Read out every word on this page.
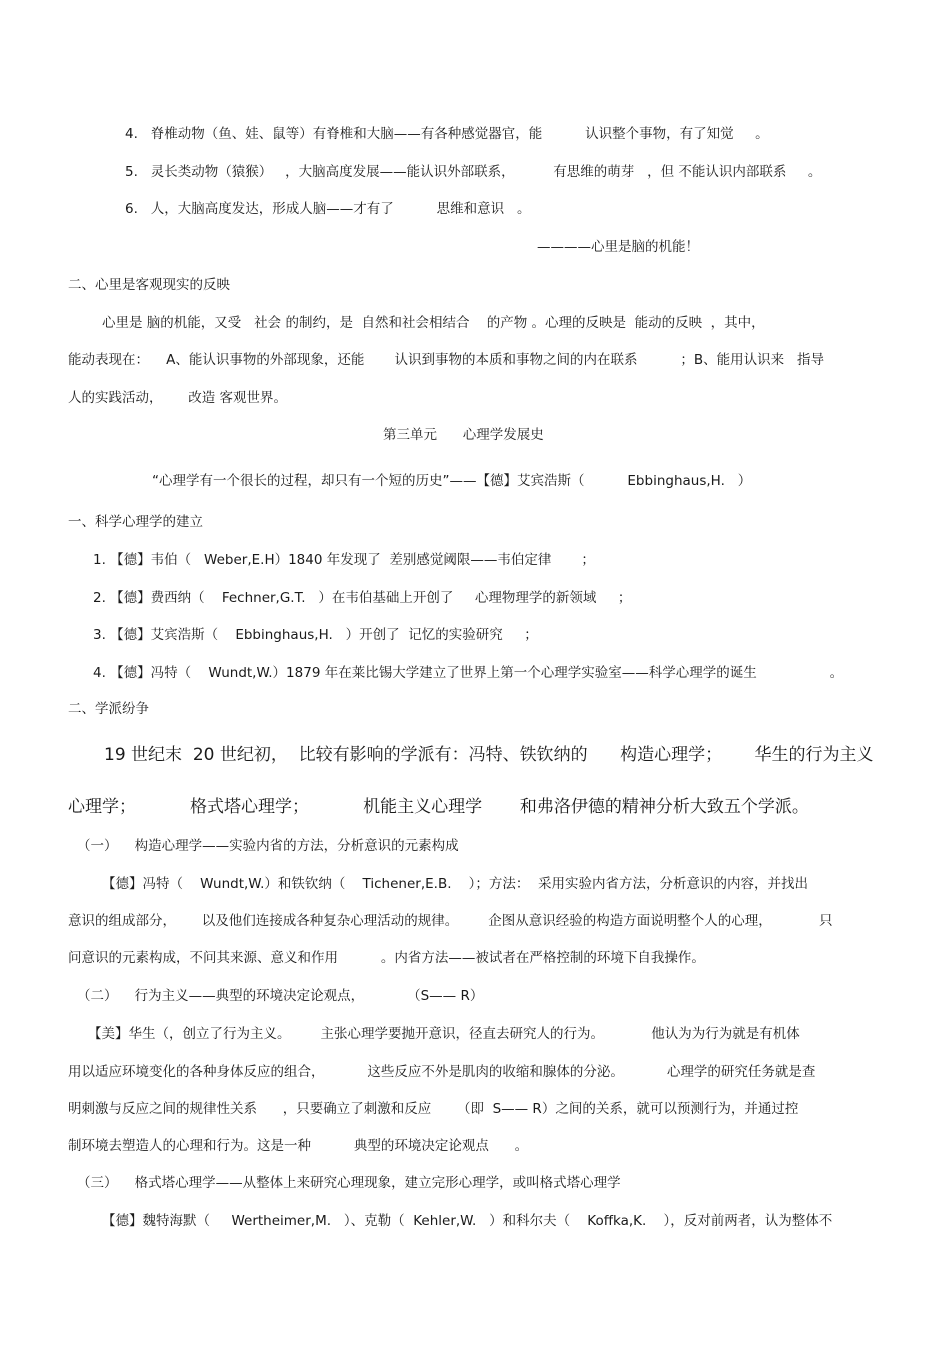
4.   脊椎动物（鱼、娃、鼠等）有脊椎和大脑——有各种感觉器官，能          认识整个事物，有了知觉     。
5.   灵长类动物（猿猴）   ，大脑高度发展——能认识外部联系，         有思维的萌芽   ，但 不能认识内部联系     。
6.   人，大脑高度发达，形成人脑——才有了          思维和意识   。
————心里是脑的机能！
二、心里是客观现实的反映
心里是 脑的机能，又受   社会 的制约，是  自然和社会相结合    的产物 。心理的反映是  能动的反映  ，其中，
能动表现在：    A、能认识事物的外部现象，还能       认识到事物的本质和事物之间的内在联系          ；B、能用认识来   指导
人的实践活动，      改造 客观世界。
第三单元      心理学发展史
“心理学有一个很长的过程，却只有一个短的历史”——【德】艾宾浩斯（          Ebbinghaus,H.   ）
一、科学心理学的建立
1. 【德】韦伯（   Weber,E.H）1840 年发现了  差别感觉阈限——韦伯定律       ；
2. 【德】费西纳（    Fechner,G.T.   ）在韦伯基础上开创了     心理物理学的新领域     ；
3. 【德】艾宾浩斯（    Ebbinghaus,H.   ）开创了  记忆的实验研究     ；
4. 【德】冯特（    Wundt,W.）1879 年在莱比锡大学建立了世界上第一个心理学实验室——科学心理学的诞生                 。
二、学派纷争
19 世纪末  20 世纪初，  比较有影响的学派有：冯特、铁钦纳的      构造心理学；      华生的行为主义
心理学；          格式塔心理学；          机能主义心理学       和弗洛伊德的精神分析大致五个学派。
（一）    构造心理学——实验内省的方法，分析意识的元素构成
【德】冯特（    Wundt,W.）和铁钦纳（    Tichener,E.B.    ）；方法：  采用实验内省方法，分析意识的内容，并找出
意识的组成部分，      以及他们连接成各种复杂心理活动的规律。       企图从意识经验的构造方面说明整个人的心理，           只
问意识的元素构成，不问其来源、意义和作用          。内省方法——被试者在严格控制的环境下自我操作。
（二）    行为主义——典型的环境决定论观点，          （S—— R）
【美】华生（，创立了行为主义。       主张心理学要抛开意识，径直去研究人的行为。           他认为为行为就是有机体
用以适应环境变化的各种身体反应的组合，          这些反应不外是肌肉的收缩和腺体的分泌。          心理学的研究任务就是查
明刺激与反应之间的规律性关系      ，只要确立了刺激和反应      （即  S—— R）之间的关系，就可以预测行为，并通过控
制环境去塑造人的心理和行为。这是一种          典型的环境决定论观点      。
（三）    格式塔心理学——从整体上来研究心理现象，建立完形心理学，或叫格式塔心理学
【德】魏特海默（     Wertheimer,M.   ）、克勒（  Kehler,W.   ）和科尔夫（    Koffka,K.    ），反对前两者，认为整体不
